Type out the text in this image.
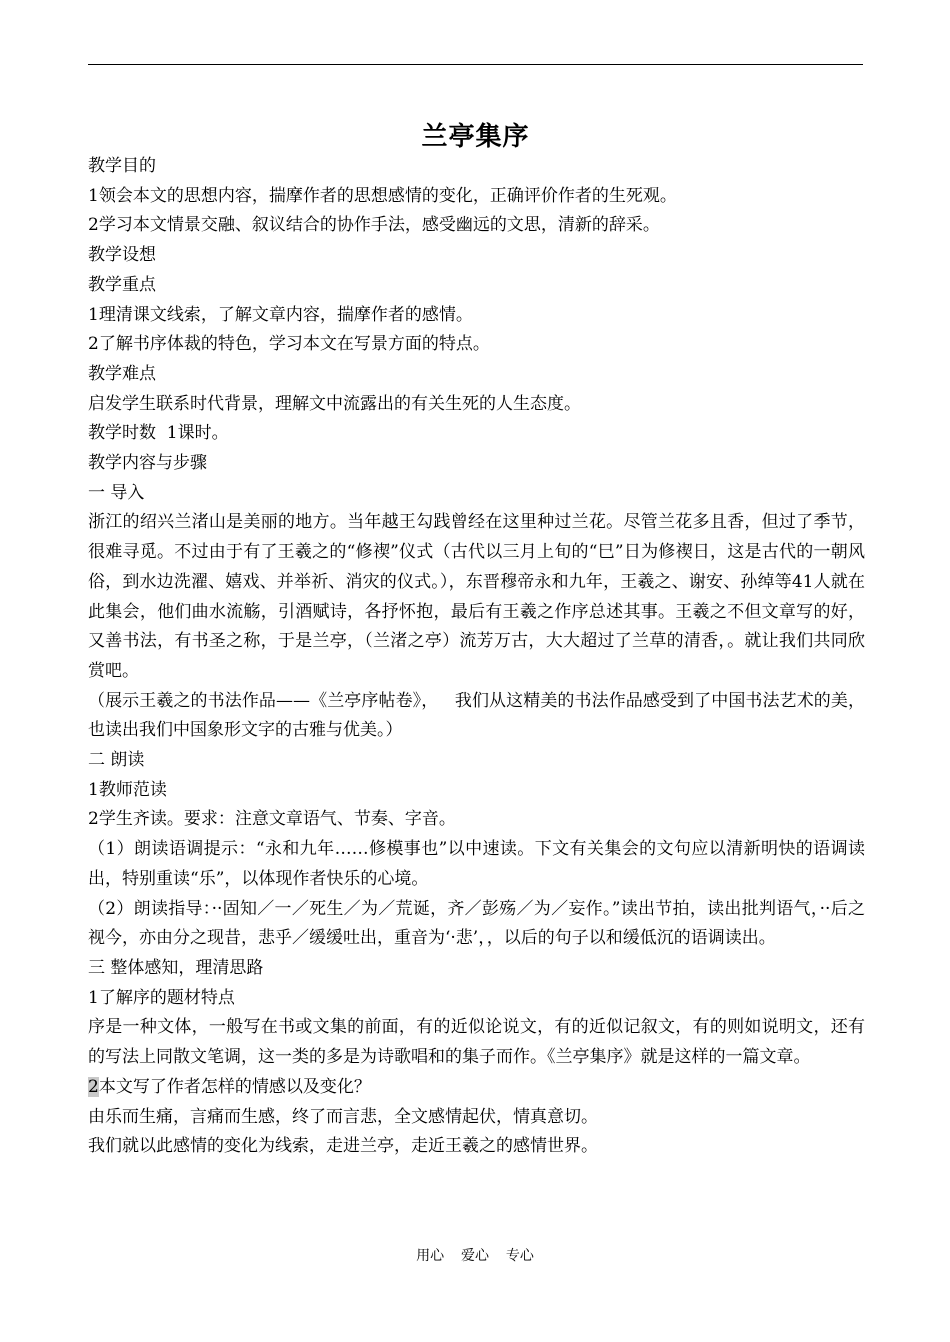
兰亭集序

教学目的

1领会本文的思想内容，揣摩作者的思想感情的变化，正确评价作者的生死观。

2学习本文情景交融、叙议结合的协作手法，感受幽远的文思，清新的辞采。

教学设想

教学重点

1理清课文线索，了解文章内容，揣摩作者的感情。

2了解书序体裁的特色，学习本文在写景方面的特点。

教学难点

启发学生联系时代背景，理解文中流露出的有关生死的人生态度。

教学时数  1课时。

教学内容与步骤

一 导入

浙江的绍兴兰渚山是美丽的地方。当年越王勾践曾经在这里种过兰花。尽管兰花多且香，但过了季节，很难寻觅。不过由于有了王羲之的“修禊”仪式（古代以三月上旬的“巳”日为修禊日，这是古代的一朝风俗，到水边洗濯、嬉戏、并举祈、消灾的仪式。），东晋穆帝永和九年，王羲之、谢安、孙绰等41人就在此集会，他们曲水流觞，引酒赋诗，各抒怀抱，最后有王羲之作序总述其事。王羲之不但文章写的好，又善书法，有书圣之称，于是兰亭，（兰渚之亭）流芳万古，大大超过了兰草的清香，。就让我们共同欣赏吧。

（展示王羲之的书法作品——《兰亭序帖卷》，   我们从这精美的书法作品感受到了中国书法艺术的美，也读出我们中国象形文字的古雅与优美。）

二 朗读

1教师范读

2学生齐读。要求：注意文章语气、节奏、字音。

（1）朗读语调提示：“永和九年……修模事也”以中速读。下文有关集会的文句应以清新明快的语调读出，特别重读“乐”，以体现作者快乐的心境。

（2）朗读指导：··固知／一／死生／为／荒诞，齐／彭殇／为／妄作。”读出节拍，读出批判语气，··后之视今，亦由分之现昔，悲乎／缓缓吐出，重音为‘·悲’，，以后的句子以和缓低沉的语调读出。

三 整体感知，理清思路

1了解序的题材特点

序是一种文体，一般写在书或文集的前面，有的近似论说文，有的近似记叙文，有的则如说明文，还有的写法上同散文笔调，这一类的多是为诗歌唱和的集子而作。《兰亭集序》就是这样的一篇文章。

2本文写了作者怎样的情感以及变化？

由乐而生痛，言痛而生感，终了而言悲，全文感情起伏，情真意切。

我们就以此感情的变化为线索，走进兰亭，走近王羲之的感情世界。

用心  爱心  专心
